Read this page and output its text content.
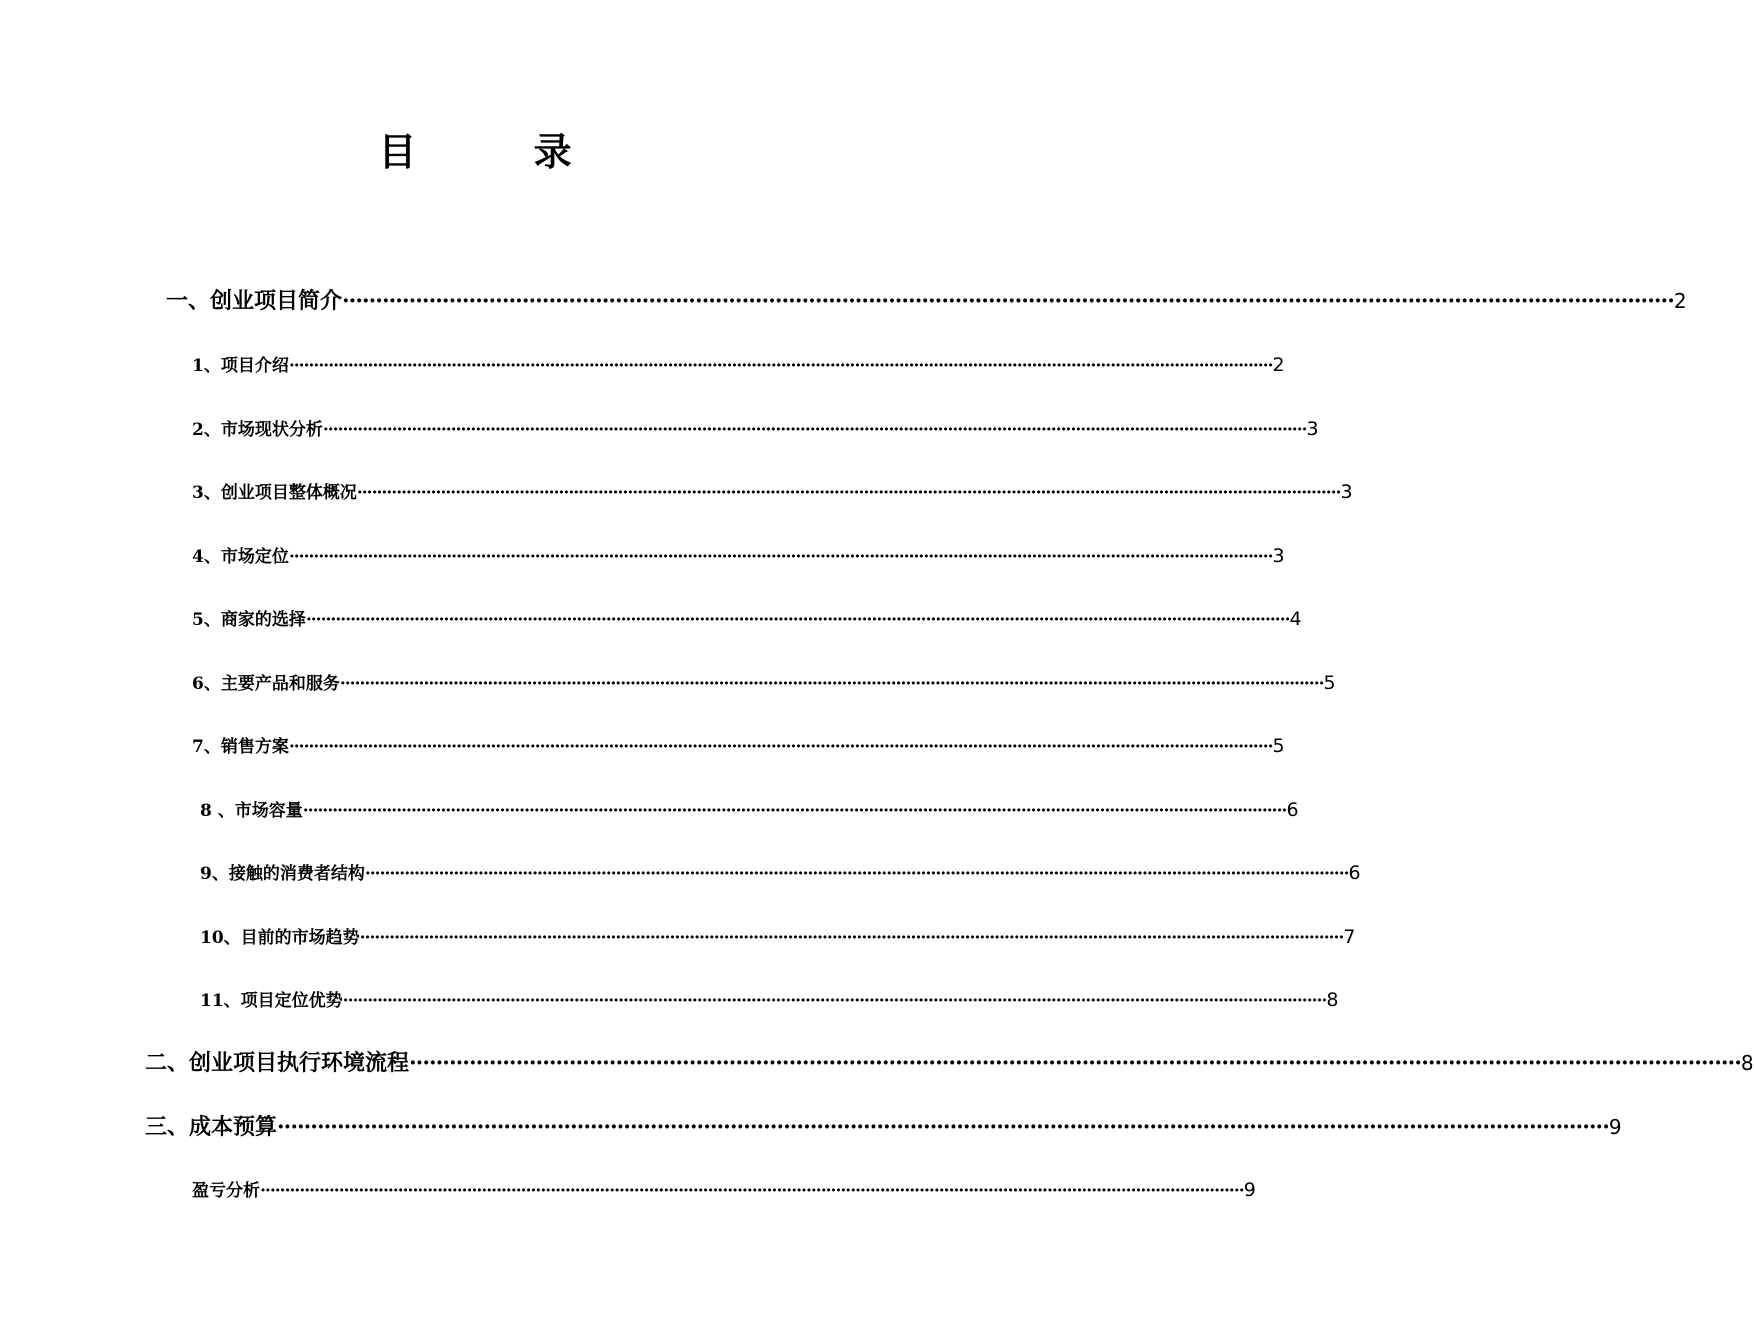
目 录
一、创业项目简介 ········································································································································································································ 2
1、项目介绍 ········································································································································································································ 2
2、市场现状分析 ········································································································································································································ 3
3、创业项目整体概况 ········································································································································································································ 3
4、市场定位 ········································································································································································································ 3
5、商家的选择 ········································································································································································································ 4
6、主要产品和服务 ········································································································································································································ 5
7、销售方案 ········································································································································································································ 5
8 、市场容量 ········································································································································································································ 6
9、接触的消费者结构 ········································································································································································································ 6
10、目前的市场趋势 ········································································································································································································ 7
11、项目定位优势 ········································································································································································································ 8
二、创业项目执行环境流程 ········································································································································································································ 8
三、成本预算 ········································································································································································································ 9
盈亏分析 ········································································································································································································ 9
